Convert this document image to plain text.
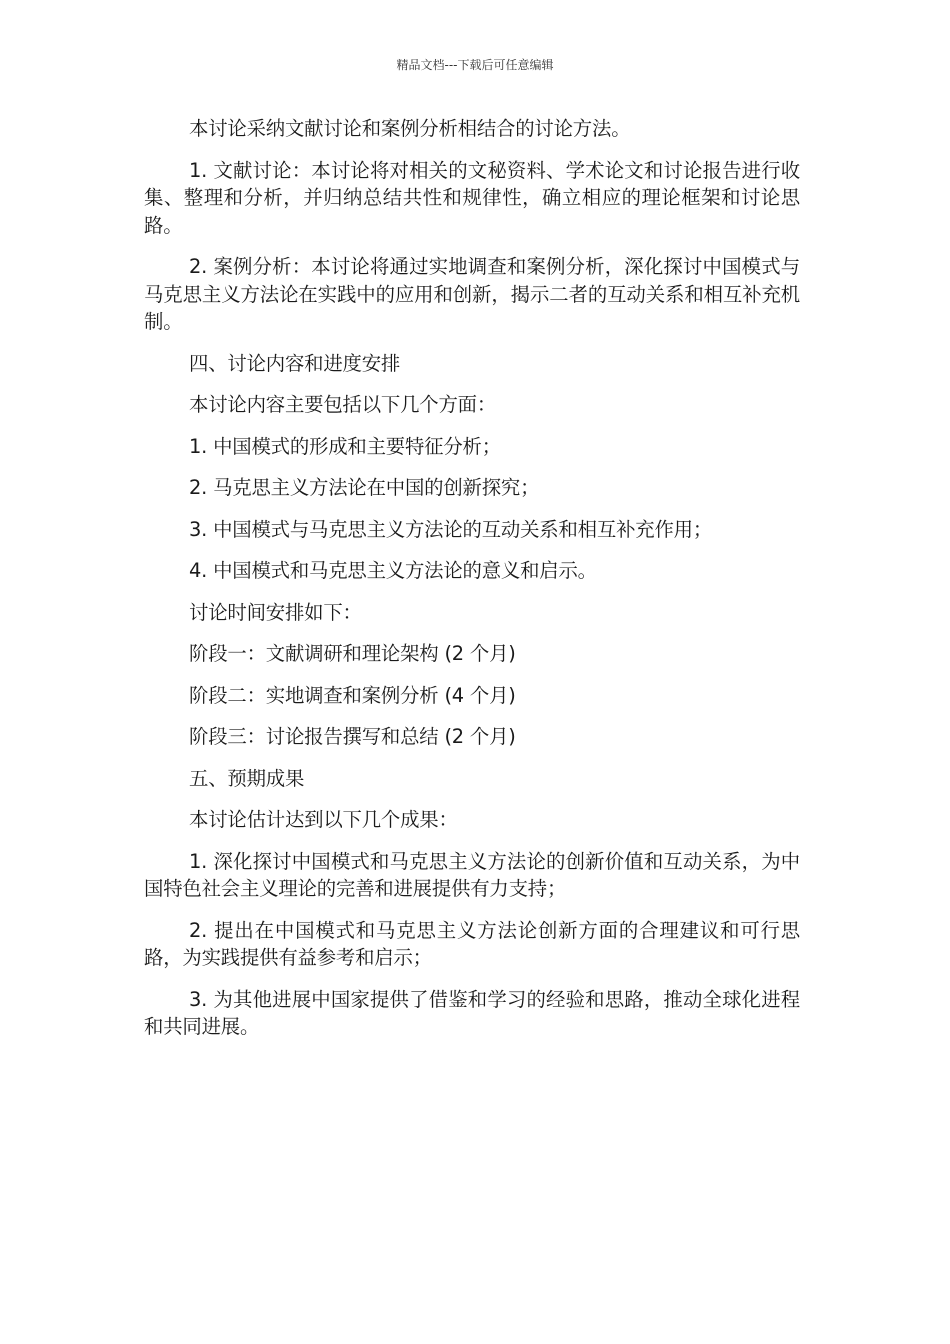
精品文档---下载后可任意编辑

本讨论采纳文献讨论和案例分析相结合的讨论方法。

1. 文献讨论：本讨论将对相关的文秘资料、学术论文和讨论报告进行收集、整理和分析，并归纳总结共性和规律性，确立相应的理论框架和讨论思路。

2. 案例分析：本讨论将通过实地调查和案例分析，深化探讨中国模式与马克思主义方法论在实践中的应用和创新，揭示二者的互动关系和相互补充机制。

四、讨论内容和进度安排

本讨论内容主要包括以下几个方面：

1. 中国模式的形成和主要特征分析；

2. 马克思主义方法论在中国的创新探究；

3. 中国模式与马克思主义方法论的互动关系和相互补充作用；

4. 中国模式和马克思主义方法论的意义和启示。

讨论时间安排如下：

阶段一：文献调研和理论架构 (2 个月)

阶段二：实地调查和案例分析 (4 个月)

阶段三：讨论报告撰写和总结 (2 个月)

五、预期成果

本讨论估计达到以下几个成果：

1. 深化探讨中国模式和马克思主义方法论的创新价值和互动关系，为中国特色社会主义理论的完善和进展提供有力支持；

2. 提出在中国模式和马克思主义方法论创新方面的合理建议和可行思路，为实践提供有益参考和启示；

3. 为其他进展中国家提供了借鉴和学习的经验和思路，推动全球化进程和共同进展。
